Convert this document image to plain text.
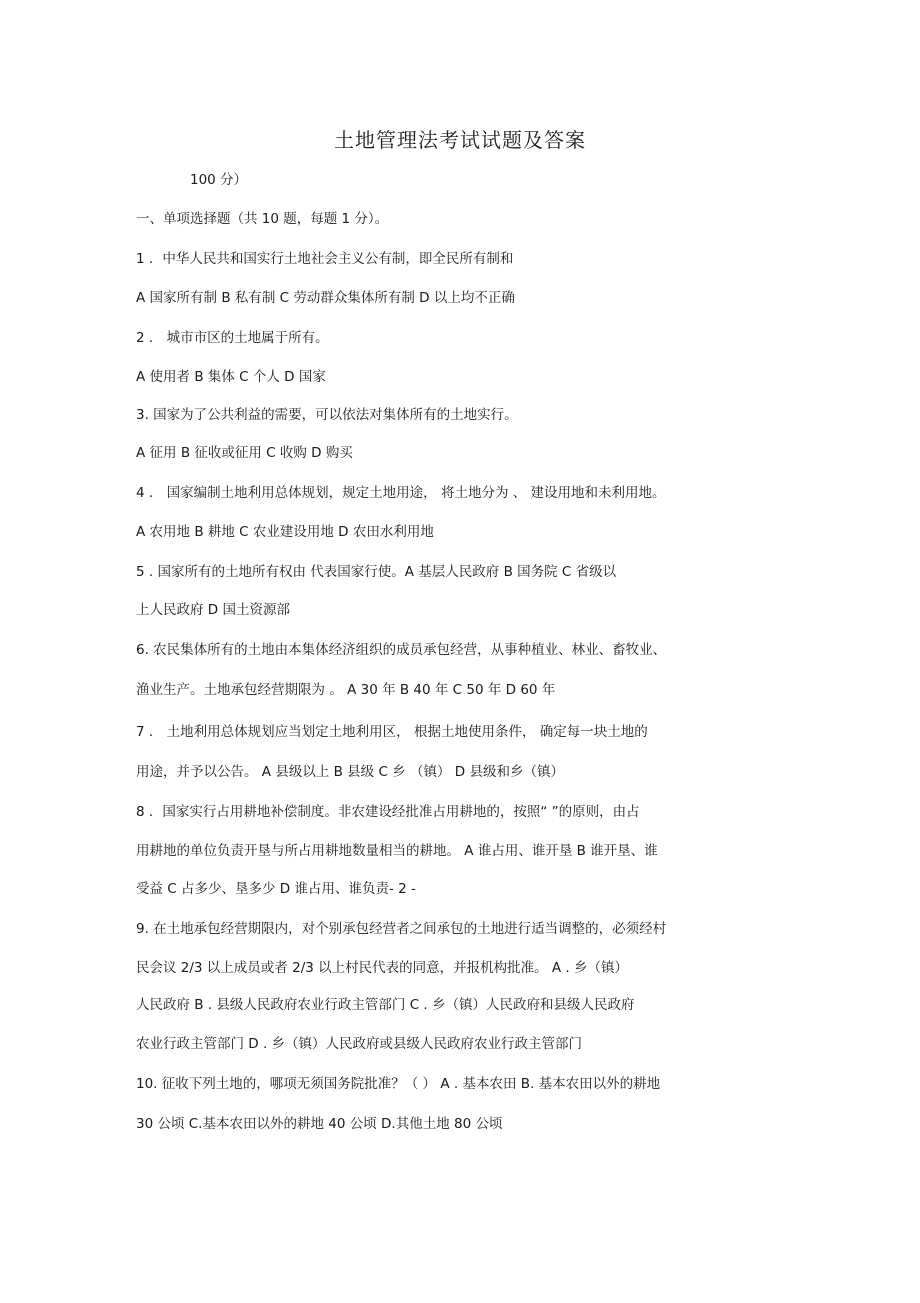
土地管理法考试试题及答案
100 分）
一、单项选择题（共 10 题，每题 1 分）。
1 ．中华人民共和国实行土地社会主义公有制，即全民所有制和
A 国家所有制 B 私有制 C 劳动群众集体所有制 D 以上均不正确
2 ． 城市市区的土地属于所有。
A 使用者 B 集体 C 个人 D 国家
3. 国家为了公共利益的需要，可以依法对集体所有的土地实行。
A 征用 B 征收或征用 C 收购 D 购买
4 ． 国家编制土地利用总体规划，规定土地用途， 将土地分为 、 建设用地和未利用地。
A 农用地 B 耕地 C 农业建设用地 D 农田水利用地
5 . 国家所有的土地所有权由 代表国家行使。A 基层人民政府 B 国务院 C 省级以
上人民政府 D 国土资源部
6. 农民集体所有的土地由本集体经济组织的成员承包经营，从事种植业、林业、畜牧业、
渔业生产。土地承包经营期限为 。 A 30 年 B 40 年 C 50 年 D 60 年
7 ． 土地利用总体规划应当划定土地利用区， 根据土地使用条件， 确定每一块土地的
用途，并予以公告。 A 县级以上 B 县级 C 乡 （镇） D 县级和乡（镇）
8 ．国家实行占用耕地补偿制度。非农建设经批准占用耕地的，按照“ ”的原则，由占
用耕地的单位负责开垦与所占用耕地数量相当的耕地。 A 谁占用、谁开垦 B 谁开垦、谁
受益 C 占多少、垦多少 D 谁占用、谁负责- 2 -
9. 在土地承包经营期限内，对个别承包经营者之间承包的土地进行适当调整的，必须经村
民会议 2/3 以上成员或者 2/3 以上村民代表的同意，并报机构批准。 A . 乡（镇）
人民政府 B . 县级人民政府农业行政主管部门 C . 乡（镇）人民政府和县级人民政府
农业行政主管部门 D . 乡（镇）人民政府或县级人民政府农业行政主管部门
10. 征收下列土地的，哪项无须国务院批准？（ ） A . 基本农田 B. 基本农田以外的耕地
30 公顷 C.基本农田以外的耕地 40 公顷 D.其他土地 80 公顷
